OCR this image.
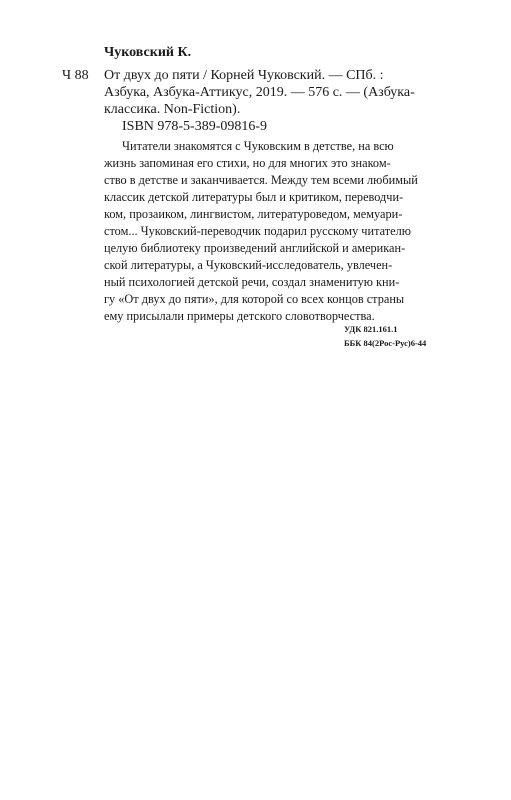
Чуковский К.
Ч 88 От двух до пяти / Корней Чуковский. — СПб. :
Азбука, Азбука-Аттикус, 2019. — 576 с. — (Азбука-
классика. Non-Fiction).
ISBN 978-5-389-09816-9
Читатели знакомятся с Чуковским в детстве, на всю
жизнь запоминая его стихи, но для многих это знаком-
ство в детстве и заканчивается. Между тем всеми любимый
классик детской литературы был и критиком, переводчи-
ком, прозаиком, лингвистом, литературоведом, мемуари-
стом... Чуковский-переводчик подарил русскому читателю
целую библиотеку произведений английской и американ-
ской литературы, а Чуковский-исследователь, увлечен-
ный психологией детской речи, создал знаменитую кни-
гу «От двух до пяти», для которой со всех концов страны
ему присылали примеры детского словотворчества.
УДК 821.161.1
ББК 84(2Рос-Рус)6-44
